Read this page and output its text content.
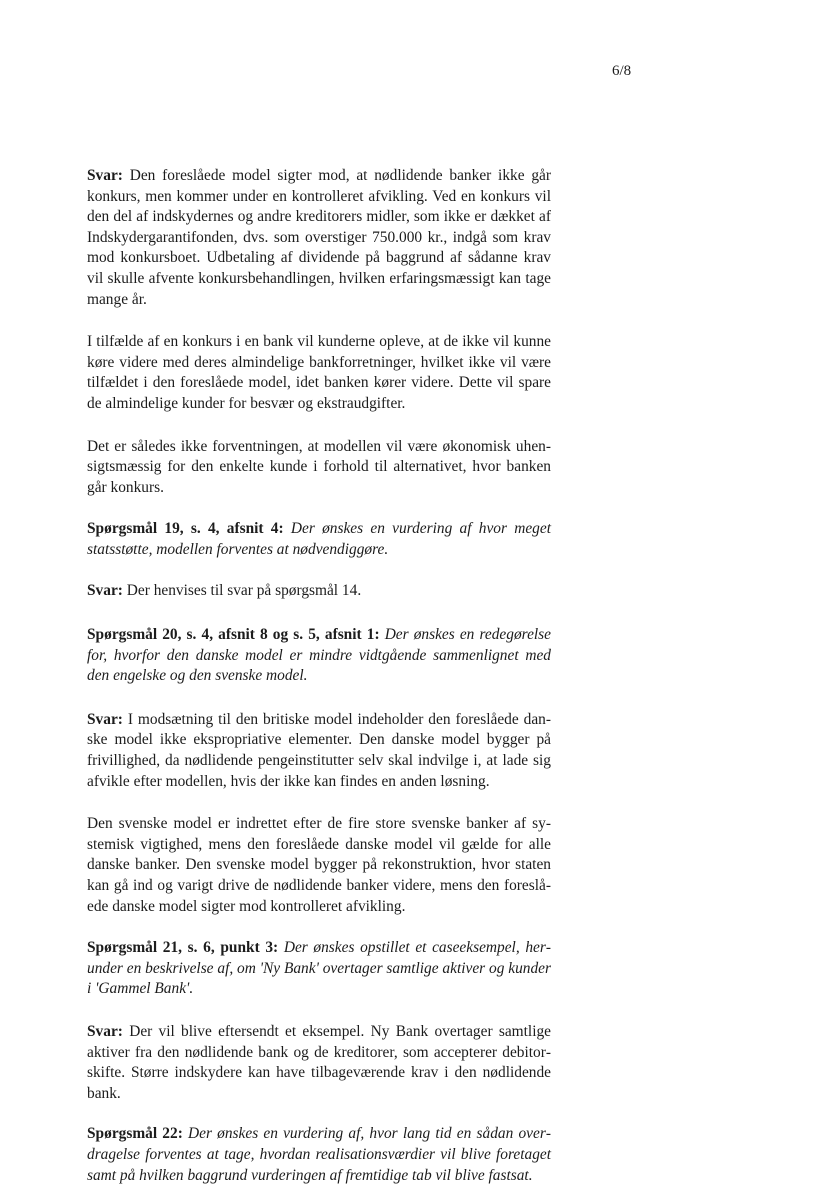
6/8

Svar: Den foreslåede model sigter mod, at nødlidende banker ikke går konkurs, men kommer under en kontrolleret afvikling. Ved en konkurs vil den del af indskydernes og andre kreditorers midler, som ikke er dækket af Indskydergarantifonden, dvs. som overstiger 750.000 kr., indgå som krav mod konkursboet. Udbetaling af dividende på baggrund af sådanne krav vil skulle afvente konkursbehandlingen, hvilken erfaringsmæssigt kan tage mange år.

I tilfælde af en konkurs i en bank vil kunderne opleve, at de ikke vil kunne køre videre med deres almindelige bankforretninger, hvilket ikke vil være tilfældet i den foreslåede model, idet banken kører videre. Dette vil spare de almindelige kunder for besvær og ekstraudgifter.

Det er således ikke forventningen, at modellen vil være økonomisk uhensigtsmæssig for den enkelte kunde i forhold til alternativet, hvor banken går konkurs.

Spørgsmål 19, s. 4, afsnit 4: Der ønskes en vurdering af hvor meget statsstøtte, modellen forventes at nødvendiggøre.

Svar: Der henvises til svar på spørgsmål 14.

Spørgsmål 20, s. 4, afsnit 8 og s. 5, afsnit 1: Der ønskes en redegørelse for, hvorfor den danske model er mindre vidtgående sammenlignet med den engelske og den svenske model.

Svar: I modsætning til den britiske model indeholder den foreslåede danske model ikke ekspropriative elementer. Den danske model bygger på frivillighed, da nødlidende pengeinstitutter selv skal indvilge i, at lade sig afvikle efter modellen, hvis der ikke kan findes en anden løsning.

Den svenske model er indrettet efter de fire store svenske banker af systemisk vigtighed, mens den foreslåede danske model vil gælde for alle danske banker. Den svenske model bygger på rekonstruktion, hvor staten kan gå ind og varigt drive de nødlidende banker videre, mens den foreslåede danske model sigter mod kontrolleret afvikling.

Spørgsmål 21, s. 6, punkt 3: Der ønskes opstillet et caseeksempel, herunder en beskrivelse af, om 'Ny Bank' overtager samtlige aktiver og kunder i 'Gammel Bank'.

Svar: Der vil blive eftersendt et eksempel. Ny Bank overtager samtlige aktiver fra den nødlidende bank og de kreditorer, som accepterer debitorskifte. Større indskydere kan have tilbageværende krav i den nødlidende bank.

Spørgsmål 22: Der ønskes en vurdering af, hvor lang tid en sådan overdragelse forventes at tage, hvordan realisationsværdier vil blive foretaget samt på hvilken baggrund vurderingen af fremtidige tab vil blive fastsat.
